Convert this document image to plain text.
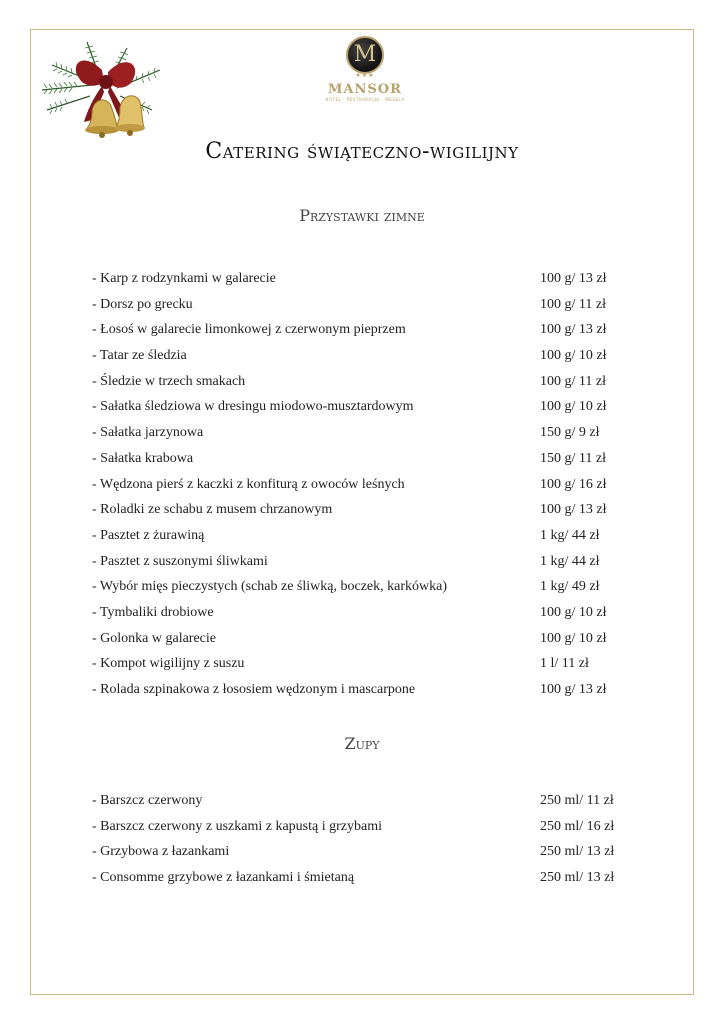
M
★★★
MANSOR
HOTEL · RESTAURACJA · WESELA
Catering świąteczno-wigilijny
Przystawki zimne
- Karp z rodzynkami w galarecie	100 g/ 13 zł
- Dorsz po grecku	100 g/ 11 zł
- Łosoś w galarecie limonkowej z czerwonym pieprzem	100 g/ 13 zł
- Tatar ze śledzia	100 g/ 10 zł
- Śledzie w trzech smakach	100 g/ 11 zł
- Sałatka śledziowa w dresingu miodowo-musztardowym	100 g/ 10 zł
- Sałatka jarzynowa	150 g/ 9 zł
- Sałatka krabowa	150 g/ 11 zł
- Wędzona pierś z kaczki z konfiturą z owoców leśnych	100 g/ 16 zł
- Roladki ze schabu z musem chrzanowym	100 g/ 13 zł
- Pasztet z żurawiną	1 kg/ 44 zł
- Pasztet z suszonymi śliwkami	1 kg/ 44 zł
- Wybór mięs pieczystych (schab ze śliwką, boczek, karkówka)	1 kg/ 49 zł
- Tymbaliki drobiowe	100 g/ 10 zł
- Golonka w galarecie	100 g/ 10 zł
- Kompot wigilijny z suszu	1 l/ 11 zł
- Rolada szpinakowa z łososiem wędzonym i mascarpone	100 g/ 13 zł
Zupy
- Barszcz czerwony	250 ml/ 11 zł
- Barszcz czerwony z uszkami z kapustą i grzybami	250 ml/ 16 zł
- Grzybowa z łazankami	250 ml/ 13 zł
- Consomme grzybowe z łazankami i śmietaną	250 ml/ 13 zł
